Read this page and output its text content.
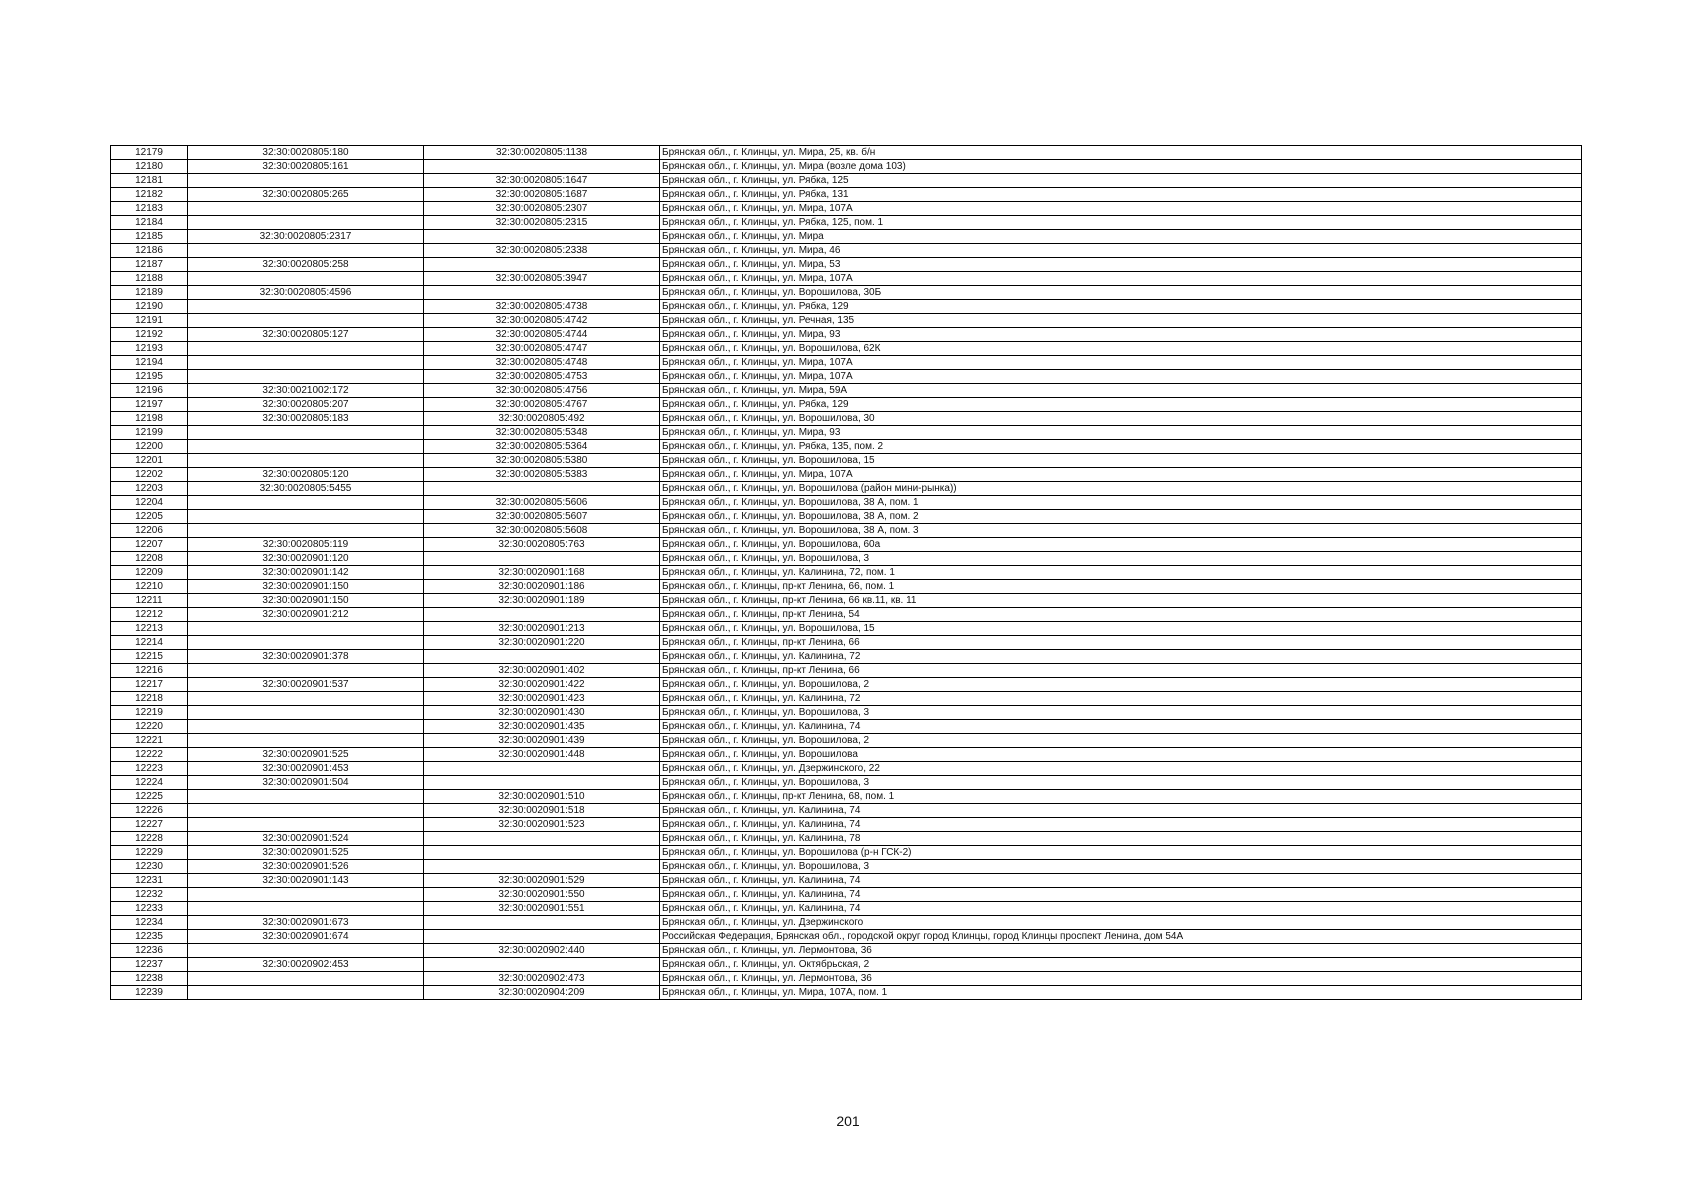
12179	32:30:0020805:180	32:30:0020805:1138	Брянская обл., г. Клинцы, ул. Мира, 25, кв. б/н
12180	32:30:0020805:161		Брянская обл., г. Клинцы, ул. Мира (возле дома 103)
12181		32:30:0020805:1647	Брянская обл., г. Клинцы, ул. Рябка, 125
12182	32:30:0020805:265	32:30:0020805:1687	Брянская обл., г. Клинцы, ул. Рябка, 131
12183		32:30:0020805:2307	Брянская обл., г. Клинцы, ул. Мира, 107А
12184		32:30:0020805:2315	Брянская обл., г. Клинцы, ул. Рябка, 125, пом. 1
12185	32:30:0020805:2317		Брянская обл., г. Клинцы, ул. Мира
12186		32:30:0020805:2338	Брянская обл., г. Клинцы, ул. Мира, 46
12187	32:30:0020805:258		Брянская обл., г. Клинцы, ул. Мира, 53
12188		32:30:0020805:3947	Брянская обл., г. Клинцы, ул. Мира, 107А
12189	32:30:0020805:4596		Брянская обл., г. Клинцы, ул. Ворошилова, 30Б
12190		32:30:0020805:4738	Брянская обл., г. Клинцы, ул. Рябка, 129
12191		32:30:0020805:4742	Брянская обл., г. Клинцы, ул. Речная, 135
12192	32:30:0020805:127	32:30:0020805:4744	Брянская обл., г. Клинцы, ул. Мира, 93
12193		32:30:0020805:4747	Брянская обл., г. Клинцы, ул. Ворошилова, 62К
12194		32:30:0020805:4748	Брянская обл., г. Клинцы, ул. Мира, 107А
12195		32:30:0020805:4753	Брянская обл., г. Клинцы, ул. Мира, 107А
12196	32:30:0021002:172	32:30:0020805:4756	Брянская обл., г. Клинцы, ул. Мира, 59А
12197	32:30:0020805:207	32:30:0020805:4767	Брянская обл., г. Клинцы, ул. Рябка, 129
12198	32:30:0020805:183	32:30:0020805:492	Брянская обл., г. Клинцы, ул. Ворошилова, 30
12199		32:30:0020805:5348	Брянская обл., г. Клинцы, ул. Мира, 93
12200		32:30:0020805:5364	Брянская обл., г. Клинцы, ул. Рябка, 135, пом. 2
12201		32:30:0020805:5380	Брянская обл., г. Клинцы, ул. Ворошилова, 15
12202	32:30:0020805:120	32:30:0020805:5383	Брянская обл., г. Клинцы, ул. Мира, 107А
12203	32:30:0020805:5455		Брянская обл., г. Клинцы, ул. Ворошилова (район мини-рынка))
12204		32:30:0020805:5606	Брянская обл., г. Клинцы, ул. Ворошилова, 38 А, пом. 1
12205		32:30:0020805:5607	Брянская обл., г. Клинцы, ул. Ворошилова, 38 А, пом. 2
12206		32:30:0020805:5608	Брянская обл., г. Клинцы, ул. Ворошилова, 38 А, пом. 3
12207	32:30:0020805:119	32:30:0020805:763	Брянская обл., г. Клинцы, ул. Ворошилова, 60а
12208	32:30:0020901:120		Брянская обл., г. Клинцы, ул. Ворошилова, 3
12209	32:30:0020901:142	32:30:0020901:168	Брянская обл., г. Клинцы, ул. Калинина, 72, пом. 1
12210	32:30:0020901:150	32:30:0020901:186	Брянская обл., г. Клинцы, пр-кт Ленина, 66, пом. 1
12211	32:30:0020901:150	32:30:0020901:189	Брянская обл., г. Клинцы, пр-кт Ленина, 66 кв.11, кв. 11
12212	32:30:0020901:212		Брянская обл., г. Клинцы, пр-кт Ленина, 54
12213		32:30:0020901:213	Брянская обл., г. Клинцы, ул. Ворошилова, 15
12214		32:30:0020901:220	Брянская обл., г. Клинцы, пр-кт Ленина, 66
12215	32:30:0020901:378		Брянская обл., г. Клинцы, ул. Калинина, 72
12216		32:30:0020901:402	Брянская обл., г. Клинцы, пр-кт Ленина, 66
12217	32:30:0020901:537	32:30:0020901:422	Брянская обл., г. Клинцы, ул. Ворошилова, 2
12218		32:30:0020901:423	Брянская обл., г. Клинцы, ул. Калинина, 72
12219		32:30:0020901:430	Брянская обл., г. Клинцы, ул. Ворошилова, 3
12220		32:30:0020901:435	Брянская обл., г. Клинцы, ул. Калинина, 74
12221		32:30:0020901:439	Брянская обл., г. Клинцы, ул. Ворошилова, 2
12222	32:30:0020901:525	32:30:0020901:448	Брянская обл., г. Клинцы, ул. Ворошилова
12223	32:30:0020901:453		Брянская обл., г. Клинцы, ул. Дзержинского, 22
12224	32:30:0020901:504		Брянская обл., г. Клинцы, ул. Ворошилова, 3
12225		32:30:0020901:510	Брянская обл., г. Клинцы, пр-кт Ленина, 68, пом. 1
12226		32:30:0020901:518	Брянская обл., г. Клинцы, ул. Калинина, 74
12227		32:30:0020901:523	Брянская обл., г. Клинцы, ул. Калинина, 74
12228	32:30:0020901:524		Брянская обл., г. Клинцы, ул. Калинина, 78
12229	32:30:0020901:525		Брянская обл., г. Клинцы, ул. Ворошилова (р-н ГСК-2)
12230	32:30:0020901:526		Брянская обл., г. Клинцы, ул. Ворошилова, 3
12231	32:30:0020901:143	32:30:0020901:529	Брянская обл., г. Клинцы, ул. Калинина, 74
12232		32:30:0020901:550	Брянская обл., г. Клинцы, ул. Калинина, 74
12233		32:30:0020901:551	Брянская обл., г. Клинцы, ул. Калинина, 74
12234	32:30:0020901:673		Брянская обл., г. Клинцы, ул. Дзержинского
12235	32:30:0020901:674		Российская Федерация, Брянская обл., городской округ город Клинцы, город Клинцы проспект Ленина, дом 54А
12236		32:30:0020902:440	Брянская обл., г. Клинцы, ул. Лермонтова, 36
12237	32:30:0020902:453		Брянская обл., г. Клинцы, ул. Октябрьская, 2
12238		32:30:0020902:473	Брянская обл., г. Клинцы, ул. Лермонтова, 36
12239		32:30:0020904:209	Брянская обл., г. Клинцы, ул. Мира, 107А, пом. 1
201
